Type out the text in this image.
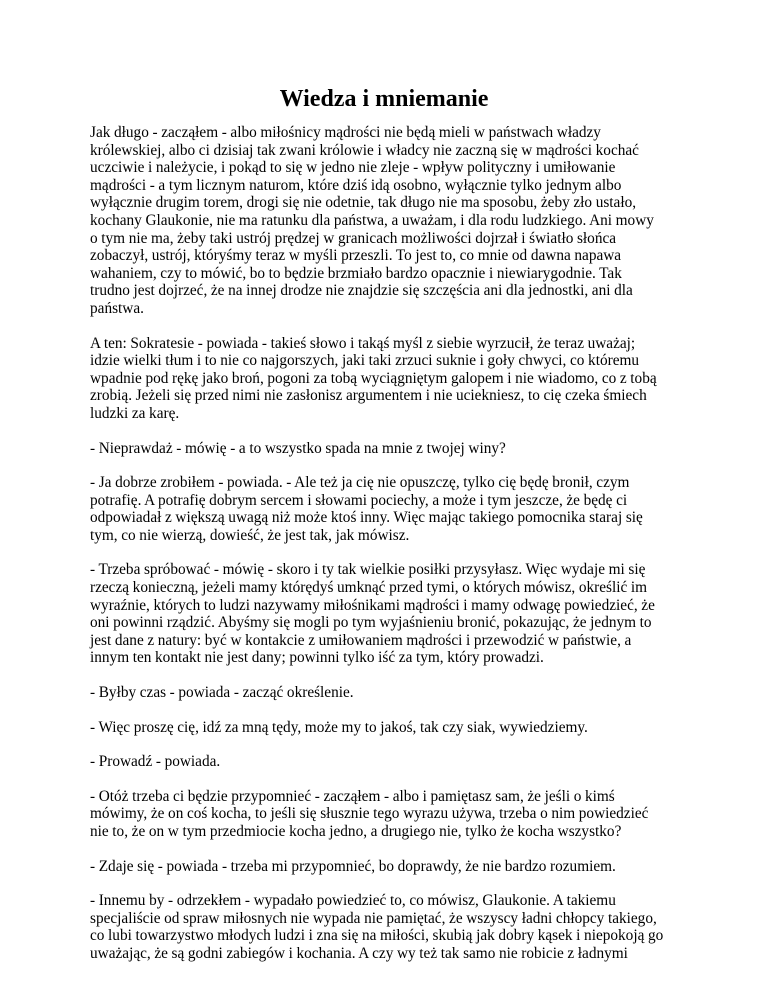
Wiedza i mniemanie

Jak długo - zacząłem - albo miłośnicy mądrości nie będą mieli w państwach władzy
królewskiej, albo ci dzisiaj tak zwani królowie i władcy nie zaczną się w mądrości kochać
uczciwie i należycie, i pokąd to się w jedno nie zleje - wpływ polityczny i umiłowanie
mądrości - a tym licznym naturom, które dziś idą osobno, wyłącznie tylko jednym albo
wyłącznie drugim torem, drogi się nie odetnie, tak długo nie ma sposobu, żeby zło ustało,
kochany Glaukonie, nie ma ratunku dla państwa, a uważam, i dla rodu ludzkiego. Ani mowy
o tym nie ma, żeby taki ustrój prędzej w granicach możliwości dojrzał i światło słońca
zobaczył, ustrój, któryśmy teraz w myśli przeszli. To jest to, co mnie od dawna napawa
wahaniem, czy to mówić, bo to będzie brzmiało bardzo opacznie i niewiarygodnie. Tak
trudno jest dojrzeć, że na innej drodze nie znajdzie się szczęścia ani dla jednostki, ani dla
państwa.

A ten: Sokratesie - powiada - takieś słowo i takąś myśl z siebie wyrzucił, że teraz uważaj;
idzie wielki tłum i to nie co najgorszych, jaki taki zrzuci suknie i goły chwyci, co któremu
wpadnie pod rękę jako broń, pogoni za tobą wyciągniętym galopem i nie wiadomo, co z tobą
zrobią. Jeżeli się przed nimi nie zasłonisz argumentem i nie uciekniesz, to cię czeka śmiech
ludzki za karę.

- Nieprawdaż - mówię - a to wszystko spada na mnie z twojej winy?

- Ja dobrze zrobiłem - powiada. - Ale też ja cię nie opuszczę, tylko cię będę bronił, czym
potrafię. A potrafię dobrym sercem i słowami pociechy, a może i tym jeszcze, że będę ci
odpowiadał z większą uwagą niż może ktoś inny. Więc mając takiego pomocnika staraj się
tym, co nie wierzą, dowieść, że jest tak, jak mówisz.

- Trzeba spróbować - mówię - skoro i ty tak wielkie posiłki przysyłasz. Więc wydaje mi się
rzeczą konieczną, jeżeli mamy którędyś umknąć przed tymi, o których mówisz, określić im
wyraźnie, których to ludzi nazywamy miłośnikami mądrości i mamy odwagę powiedzieć, że
oni powinni rządzić. Abyśmy się mogli po tym wyjaśnieniu bronić, pokazując, że jednym to
jest dane z natury: być w kontakcie z umiłowaniem mądrości i przewodzić w państwie, a
innym ten kontakt nie jest dany; powinni tylko iść za tym, który prowadzi.

- Byłby czas - powiada - zacząć określenie.

- Więc proszę cię, idź za mną tędy, może my to jakoś, tak czy siak, wywiedziemy.

- Prowadź - powiada.

- Otóż trzeba ci będzie przypomnieć - zacząłem - albo i pamiętasz sam, że jeśli o kimś
mówimy, że on coś kocha, to jeśli się słusznie tego wyrazu używa, trzeba o nim powiedzieć
nie to, że on w tym przedmiocie kocha jedno, a drugiego nie, tylko że kocha wszystko?

- Zdaje się - powiada - trzeba mi przypomnieć, bo doprawdy, że nie bardzo rozumiem.

- Innemu by - odrzekłem - wypadało powiedzieć to, co mówisz, Glaukonie. A takiemu
specjaliście od spraw miłosnych nie wypada nie pamiętać, że wszyscy ładni chłopcy takiego,
co lubi towarzystwo młodych ludzi i zna się na miłości, skubią jak dobry kąsek i niepokoją go
uważając, że są godni zabiegów i kochania. A czy wy też tak samo nie robicie z ładnymi
